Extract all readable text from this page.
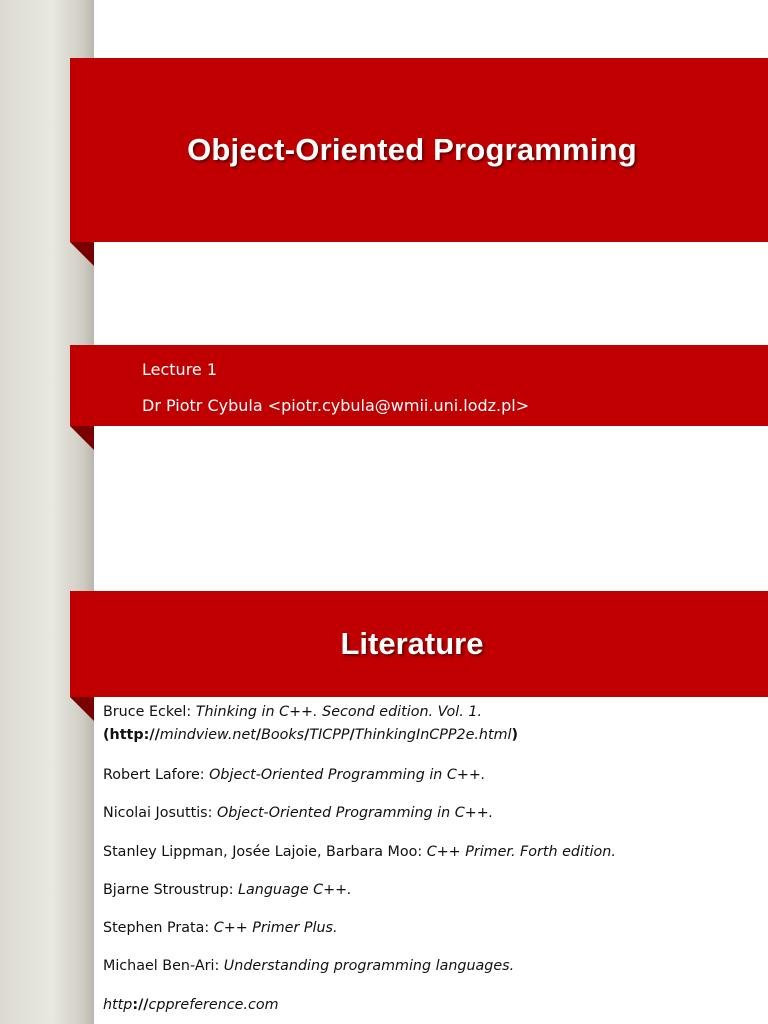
Object-Oriented Programming
Lecture 1
Dr Piotr Cybula <piotr.cybula@wmii.uni.lodz.pl>
Literature
Bruce Eckel: Thinking in C++. Second edition. Vol. 1.
(http://mindview.net/Books/TICPP/ThinkingInCPP2e.html)
Robert Lafore: Object-Oriented Programming in C++.
Nicolai Josuttis: Object-Oriented Programming in C++.
Stanley Lippman, Josée Lajoie, Barbara Moo: C++ Primer. Forth edition.
Bjarne Stroustrup: Language C++.
Stephen Prata: C++ Primer Plus.
Michael Ben-Ari: Understanding programming languages.
http://cppreference.com
